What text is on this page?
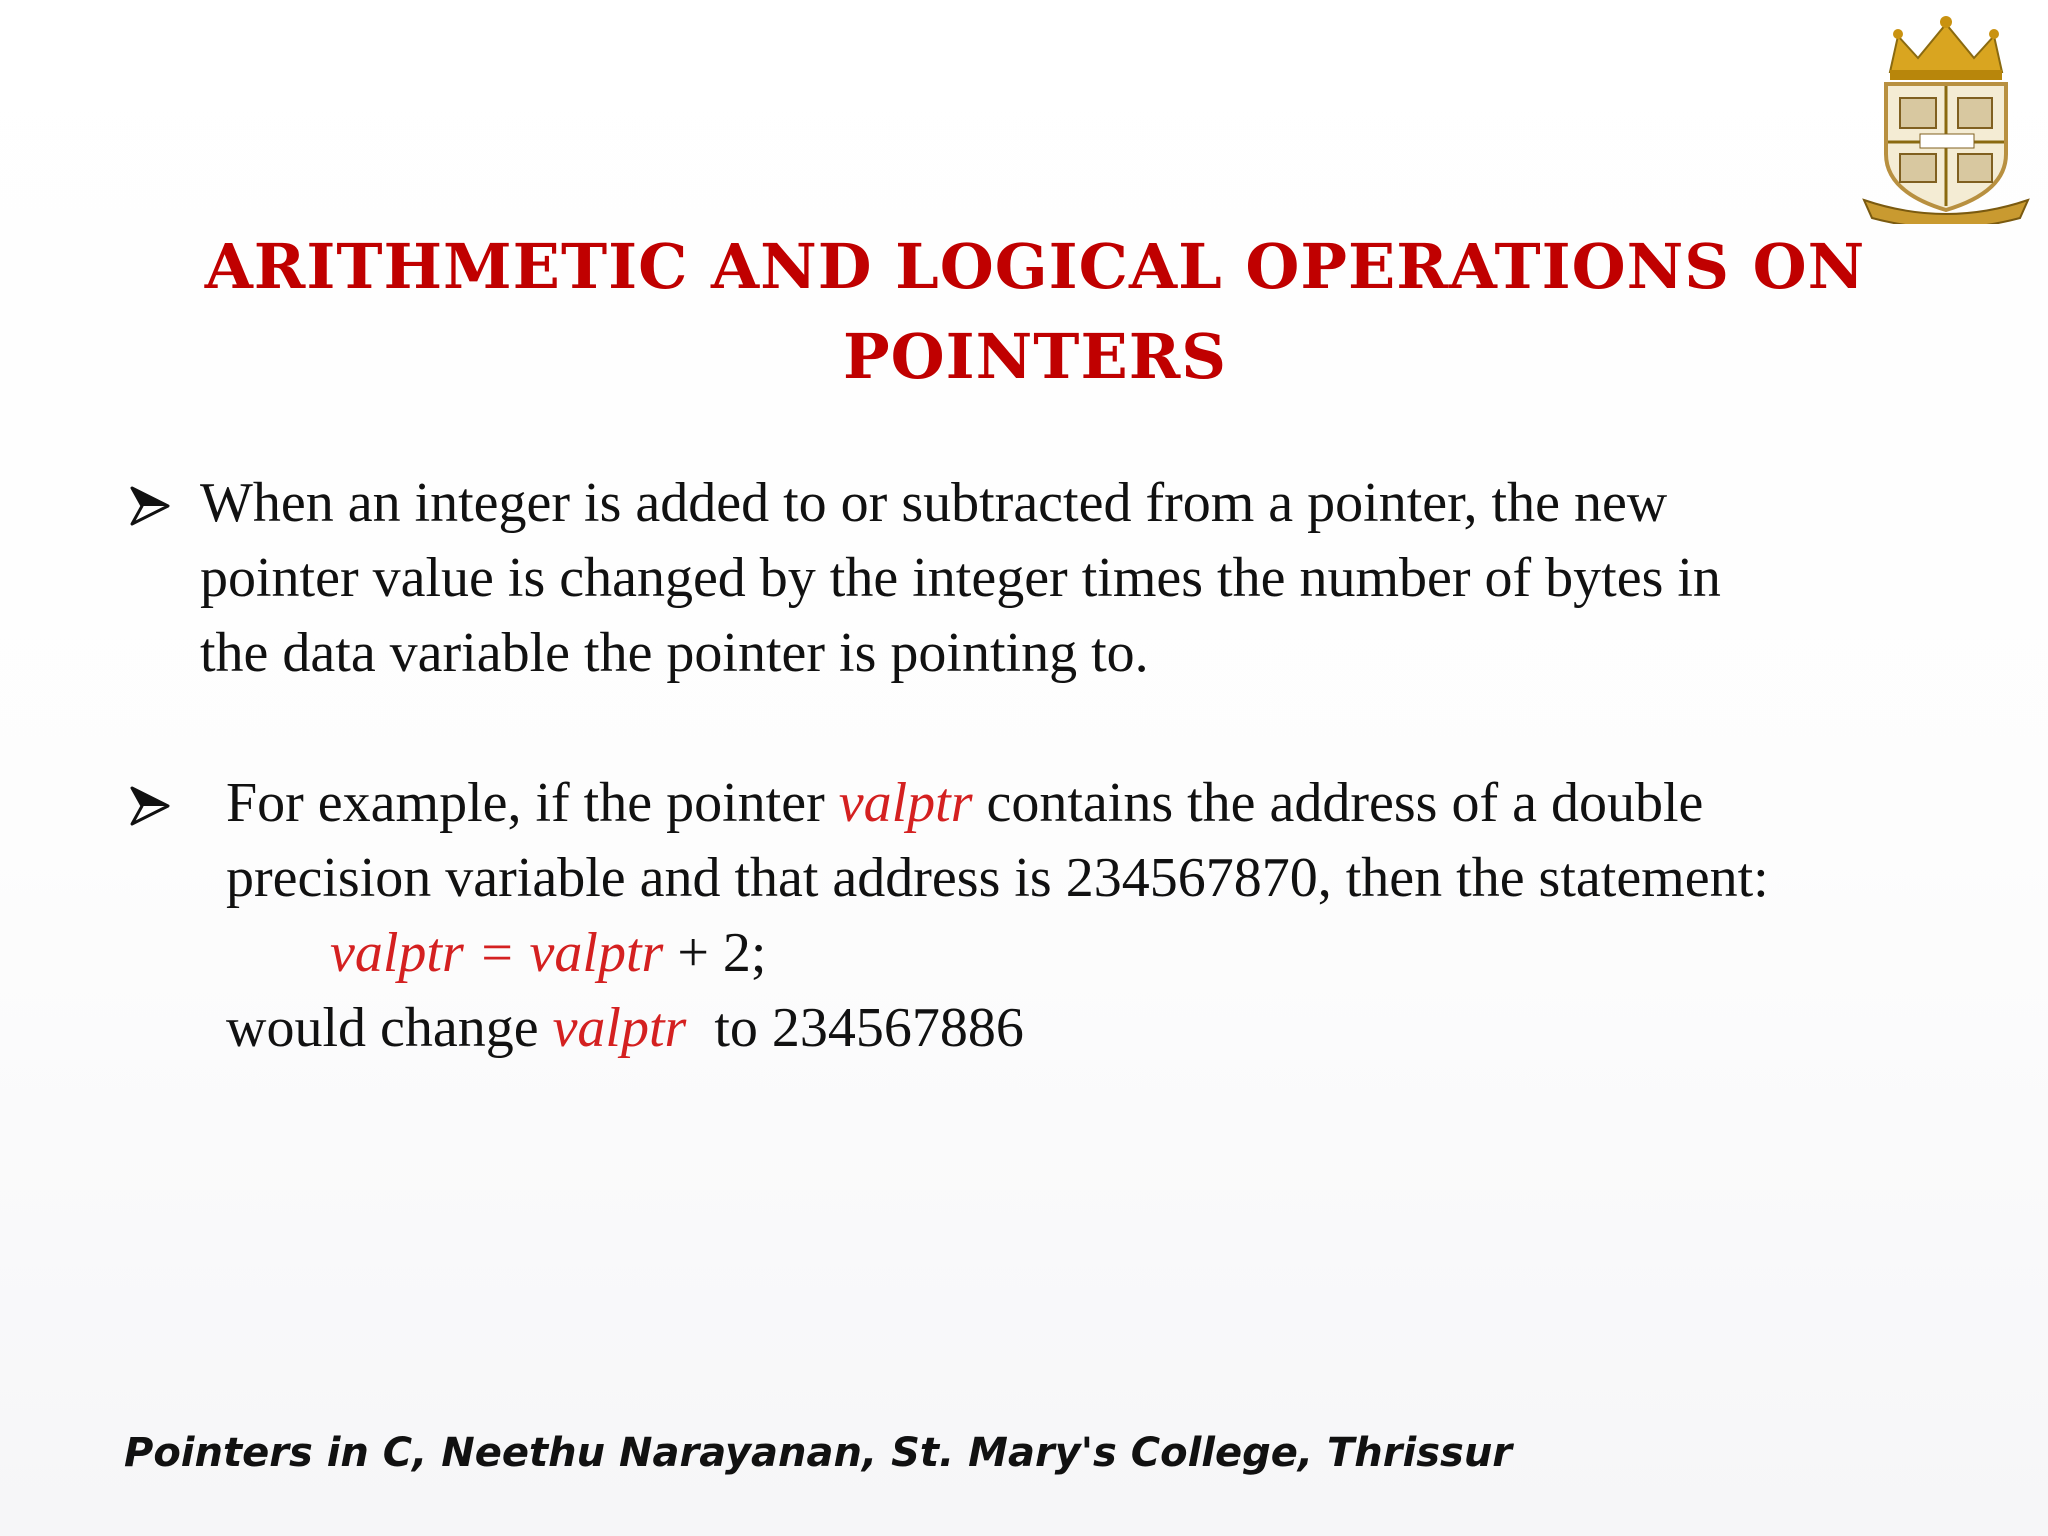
ARITHMETIC AND LOGICAL OPERATIONS ON POINTERS
When an integer is added to or subtracted from a pointer, the new
pointer value is changed by the integer times the number of bytes in
the data variable the pointer is pointing to.
For example, if the pointer valptr contains the address of a double
precision variable and that address is 234567870, then the statement:
valptr = valptr + 2;
would change valptr  to 234567886
Pointers in C, Neethu Narayanan, St. Mary's College, Thrissur
